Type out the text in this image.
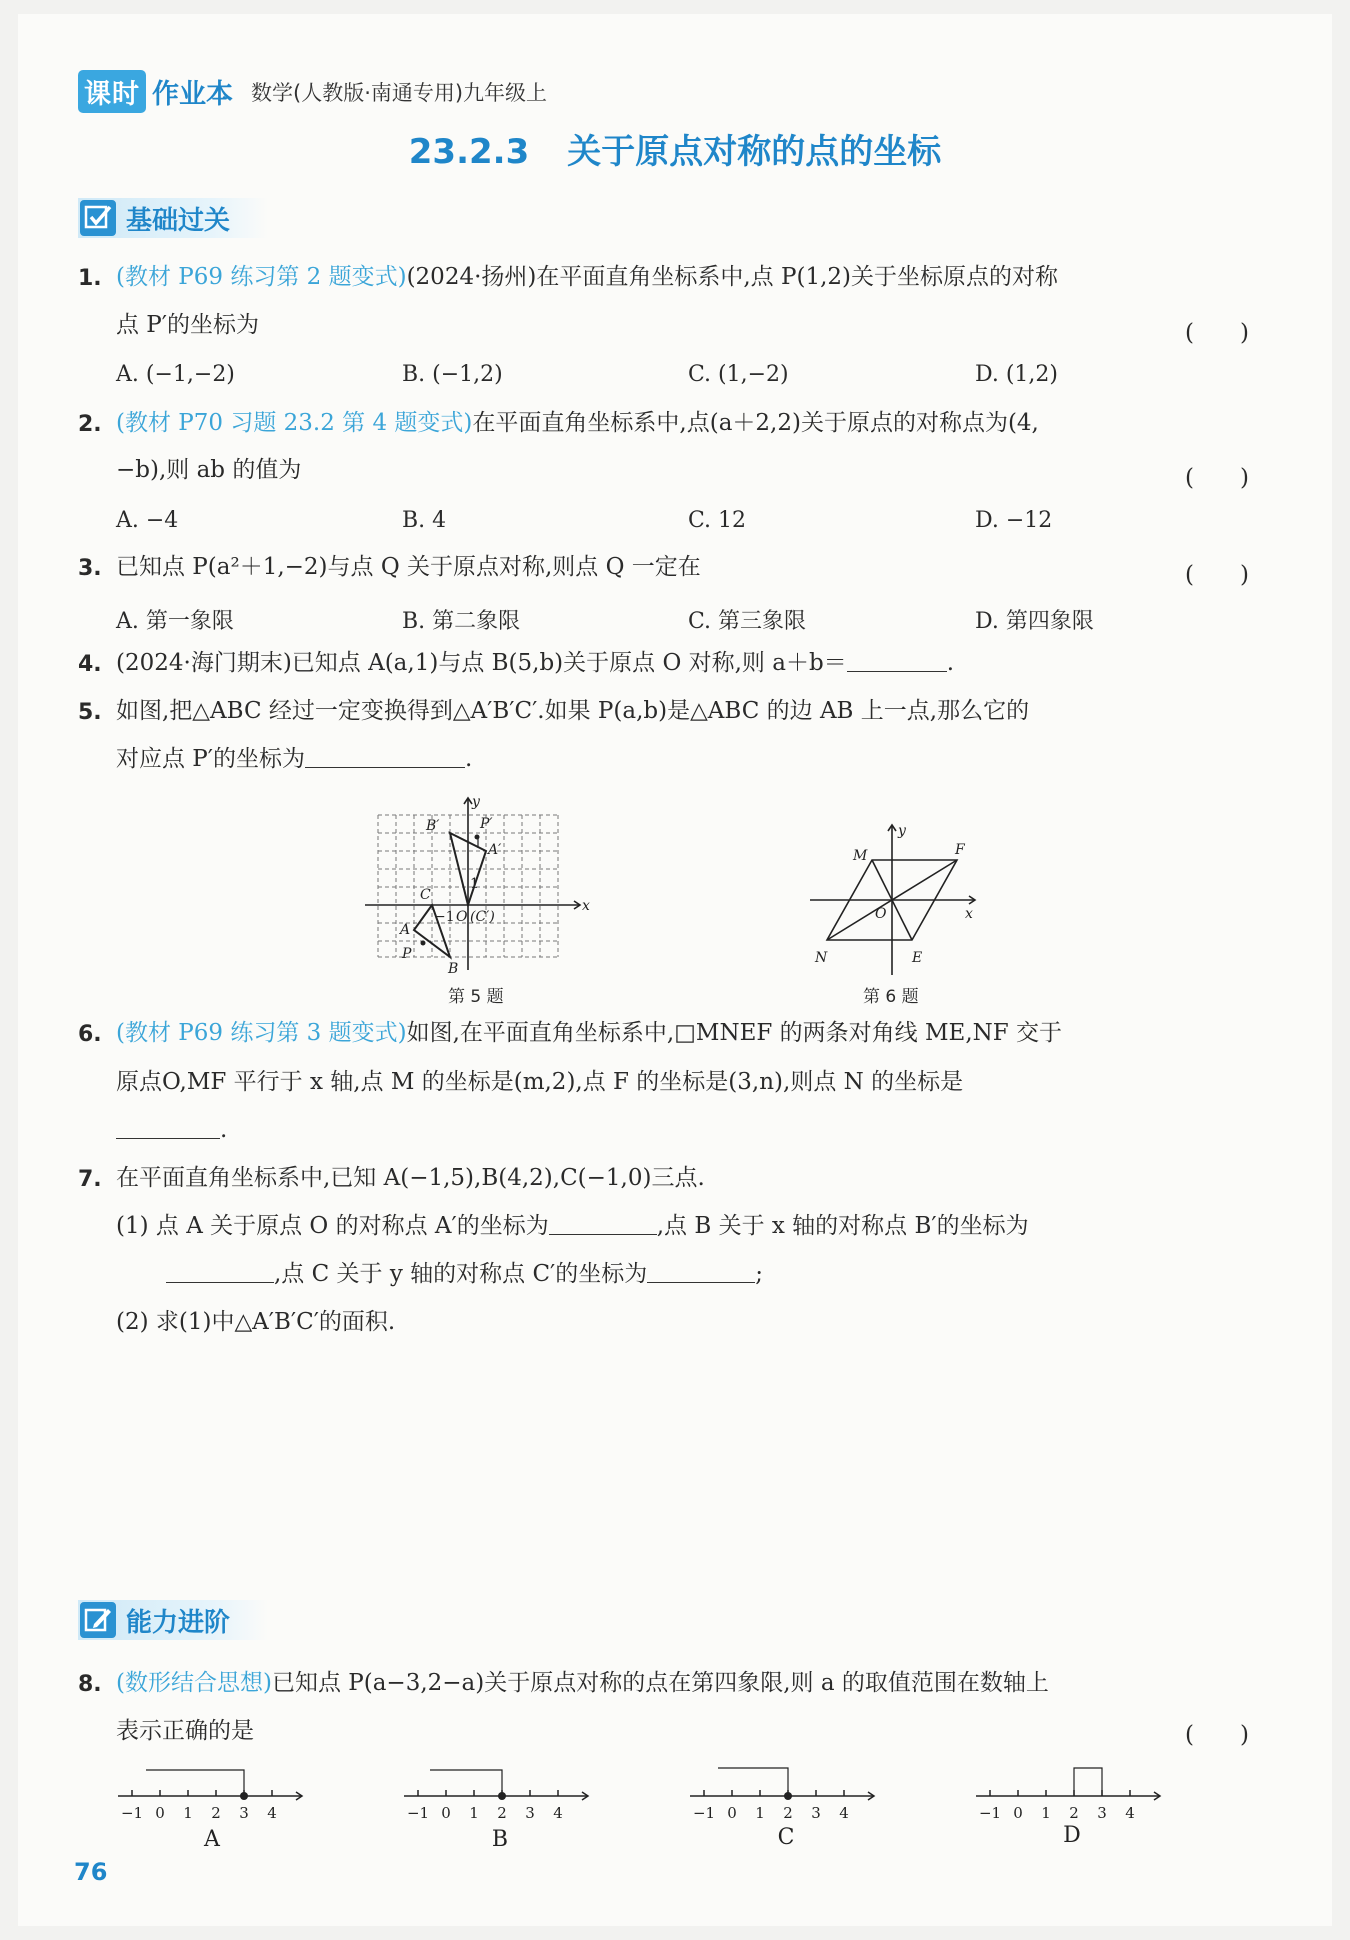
课时 作业本 数学(人教版·南通专用)九年级上
23.2.3 关于原点对称的点的坐标
基础过关
1. (教材 P69 练习第 2 题变式)(2024·扬州)在平面直角坐标系中,点 P(1,2)关于坐标原点的对称
点 P′的坐标为	(　　)
A. (−1,−2)	B. (−1,2)	C. (1,−2)	D. (1,2)
2. (教材 P70 习题 23.2 第 4 题变式)在平面直角坐标系中,点(a＋2,2)关于原点的对称点为(4,
−b),则 ab 的值为	(　　)
A. −4	B. 4	C. 12	D. −12
3. 已知点 P(a²＋1,−2)与点 Q 关于原点对称,则点 Q 一定在	(　　)
A. 第一象限	B. 第二象限	C. 第三象限	D. 第四象限
4. (2024·海门期末)已知点 A(a,1)与点 B(5,b)关于原点 O 对称,则 a＋b＝	.
5. 如图,把△ABC 经过一定变换得到△A′B′C′.如果 P(a,b)是△ABC 的边 AB 上一点,那么它的
对应点 P′的坐标为	.
y
x
B′	P′
A′
1
C
−1 O (C′)
A
P
B
第 5 题
M
y
F
x
O
N	E
第 6 题
6. (教材 P69 练习第 3 题变式)如图,在平面直角坐标系中,□MNEF 的两条对角线 ME,NF 交于
原点O,MF 平行于 x 轴,点 M 的坐标是(m,2),点 F 的坐标是(3,n),则点 N 的坐标是
.
7. 在平面直角坐标系中,已知 A(−1,5),B(4,2),C(−1,0)三点.
(1) 点 A 关于原点 O 的对称点 A′的坐标为	,点 B 关于 x 轴的对称点 B′的坐标为
,点 C 关于 y 轴的对称点 C′的坐标为	;
(2) 求(1)中△A′B′C′的面积.
能力进阶
8. (数形结合思想)已知点 P(a−3,2−a)关于原点对称的点在第四象限,则 a 的取值范围在数轴上
表示正确的是	(　　)
−1 0 1 2 3 4	−1 0 1 2 3 4	−1 0 1 2 3 4	−1 0 1 2 3 4
A	B	C	D
76
